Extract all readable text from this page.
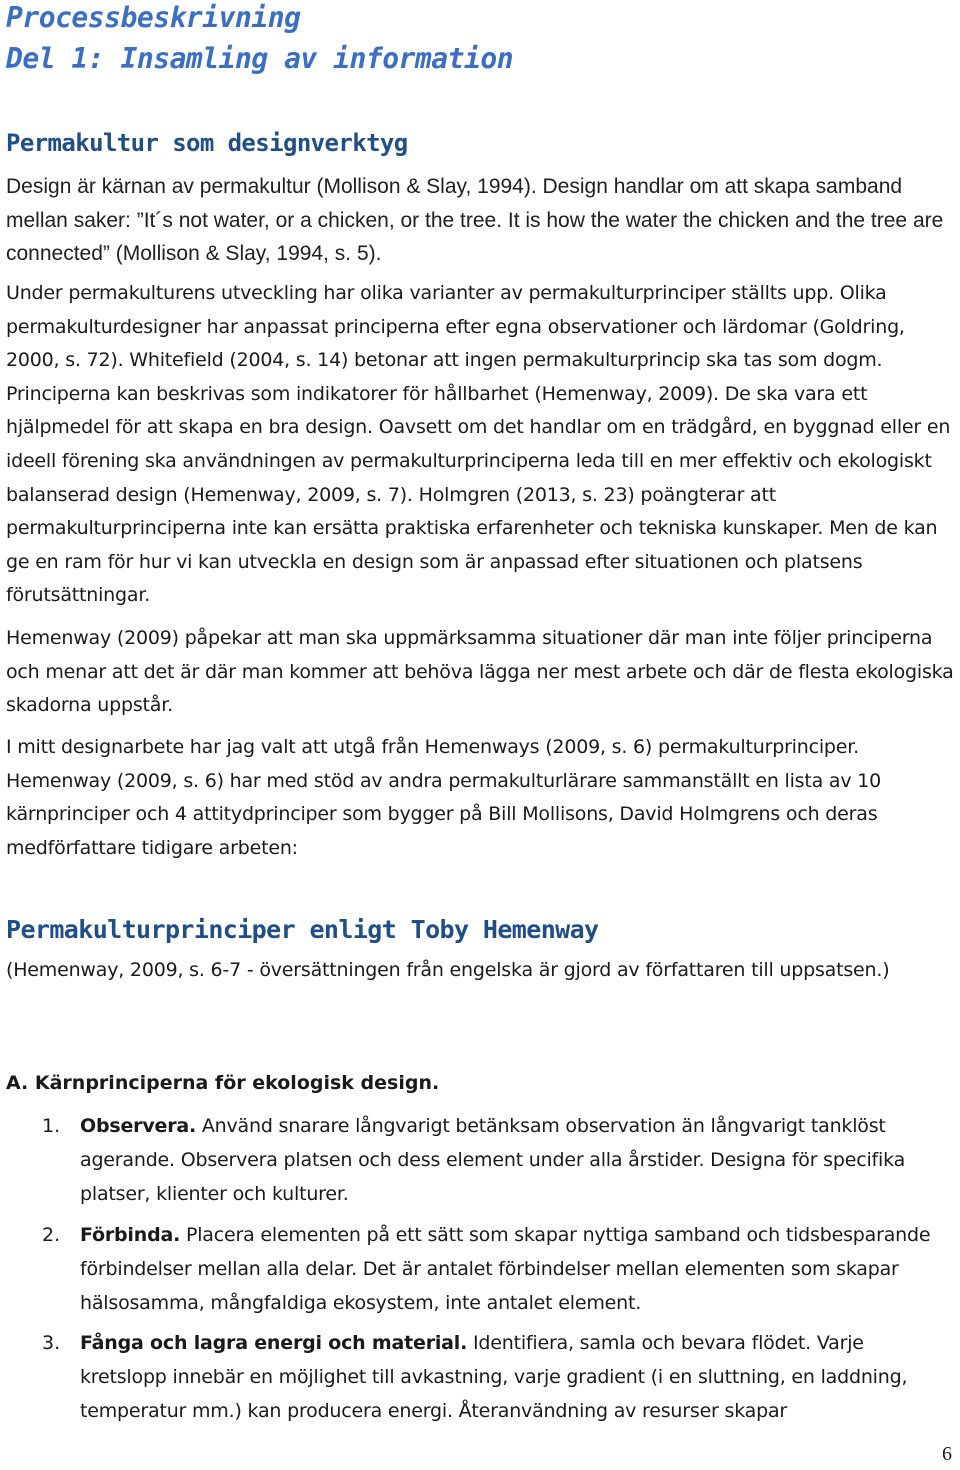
Processbeskrivning
Del 1: Insamling av information
Permakultur som designverktyg

Design är kärnan av permakultur (Mollison & Slay, 1994). Design handlar om att skapa samband mellan saker: ”It´s not water, or a chicken, or the tree. It is how the water the chicken and the tree are connected” (Mollison & Slay, 1994, s. 5).

Under permakulturens utveckling har olika varianter av permakulturprinciper ställts upp. Olika permakulturdesigner har anpassat principerna efter egna observationer och lärdomar (Goldring, 2000, s. 72). Whitefield (2004, s. 14) betonar att ingen permakulturprincip ska tas som dogm. Principerna kan beskrivas som indikatorer för hållbarhet (Hemenway, 2009). De ska vara ett hjälpmedel för att skapa en bra design. Oavsett om det handlar om en trädgård, en byggnad eller en ideell förening ska användningen av permakulturprinciperna leda till en mer effektiv och ekologiskt balanserad design (Hemenway, 2009, s. 7). Holmgren (2013, s. 23) poängterar att permakulturprinciperna inte kan ersätta praktiska erfarenheter och tekniska kunskaper. Men de kan ge en ram för hur vi kan utveckla en design som är anpassad efter situationen och platsens förutsättningar.

Hemenway (2009) påpekar att man ska uppmärksamma situationer där man inte följer principerna och menar att det är där man kommer att behöva lägga ner mest arbete och där de flesta ekologiska skadorna uppstår.

I mitt designarbete har jag valt att utgå från Hemenways (2009, s. 6) permakulturprinciper. Hemenway (2009, s. 6) har med stöd av andra permakulturlärare sammanställt en lista av 10 kärnprinciper och 4 attitydprinciper som bygger på Bill Mollisons, David Holmgrens och deras medförfattare tidigare arbeten:

Permakulturprinciper enligt Toby Hemenway

(Hemenway, 2009, s. 6-7 - översättningen från engelska är gjord av författaren till uppsatsen.)

A. Kärnprinciperna för ekologisk design.
1. Observera. Använd snarare långvarigt betänksam observation än långvarigt tanklöst agerande. Observera platsen och dess element under alla årstider. Designa för specifika platser, klienter och kulturer.

2. Förbinda. Placera elementen på ett sätt som skapar nyttiga samband och tidsbesparande förbindelser mellan alla delar. Det är antalet förbindelser mellan elementen som skapar hälsosamma, mångfaldiga ekosystem, inte antalet element.

3. Fånga och lagra energi och material. Identifiera, samla och bevara flödet. Varje kretslopp innebär en möjlighet till avkastning, varje gradient (i en sluttning, en laddning, temperatur mm.) kan producera energi. Återanvändning av resurser skapar

6
